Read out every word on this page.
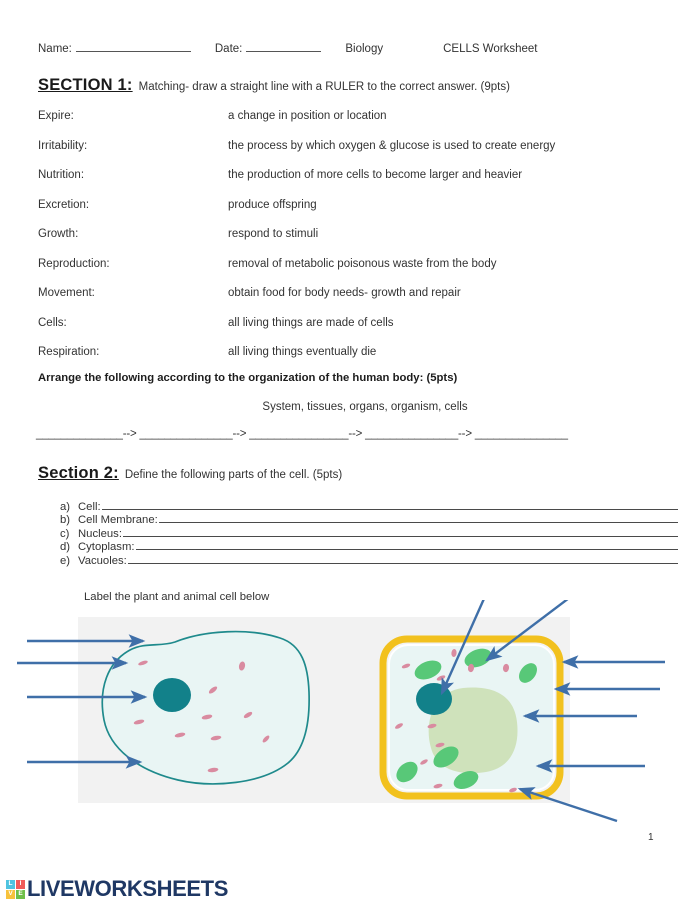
Name:	Date:	Biology	CELLS Worksheet
SECTION 1: Matching- draw a straight line with a RULER to the correct answer. (9pts)
Expire:	a change in position or location
Irritability:	the process by which oxygen & glucose is used to create energy
Nutrition:	the production of more cells to become larger and heavier
Excretion:	produce offspring
Growth:	respond to stimuli
Reproduction:	removal of metabolic poisonous waste from the body
Movement:	obtain food for body needs- growth and repair
Cells:	all living things are made of cells
Respiration:	all living things eventually die
Arrange the following according to the organization of the human body: (5pts)
System, tissues, organs, organism, cells
______________--> _______________--> ________________--> _______________--> _______________
Section 2: Define the following parts of the cell. (5pts)
a) Cell:
b) Cell Membrane:
c) Nucleus:
d) Cytoplasm:
e) Vacuoles:
Label the plant and animal cell below
1
L	I
V E LIVEWORKSHEETS
